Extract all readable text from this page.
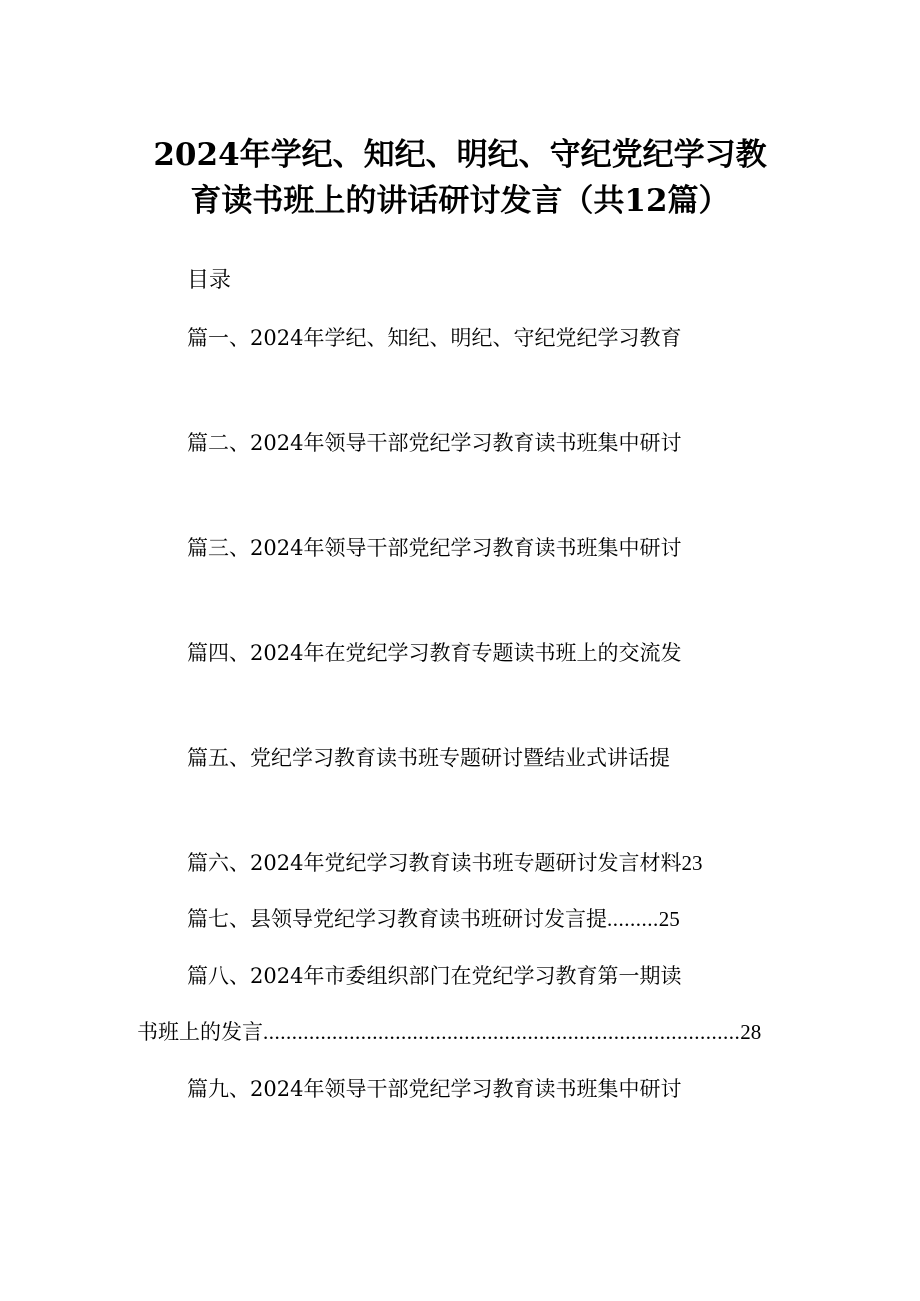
2024年学纪、知纪、明纪、守纪党纪学习教
育读书班上的讲话研讨发言（共12篇）
目录
篇一、2024年学纪、知纪、明纪、守纪党纪学习教育
篇二、2024年领导干部党纪学习教育读书班集中研讨
篇三、2024年领导干部党纪学习教育读书班集中研讨
篇四、2024年在党纪学习教育专题读书班上的交流发
篇五、党纪学习教育读书班专题研讨暨结业式讲话提
篇六、2024年党纪学习教育读书班专题研讨发言材料23
篇七、县领导党纪学习教育读书班研讨发言提.........25
篇八、2024年市委组织部门在党纪学习教育第一期读
书班上的发言...................................................................................28
篇九、2024年领导干部党纪学习教育读书班集中研讨
